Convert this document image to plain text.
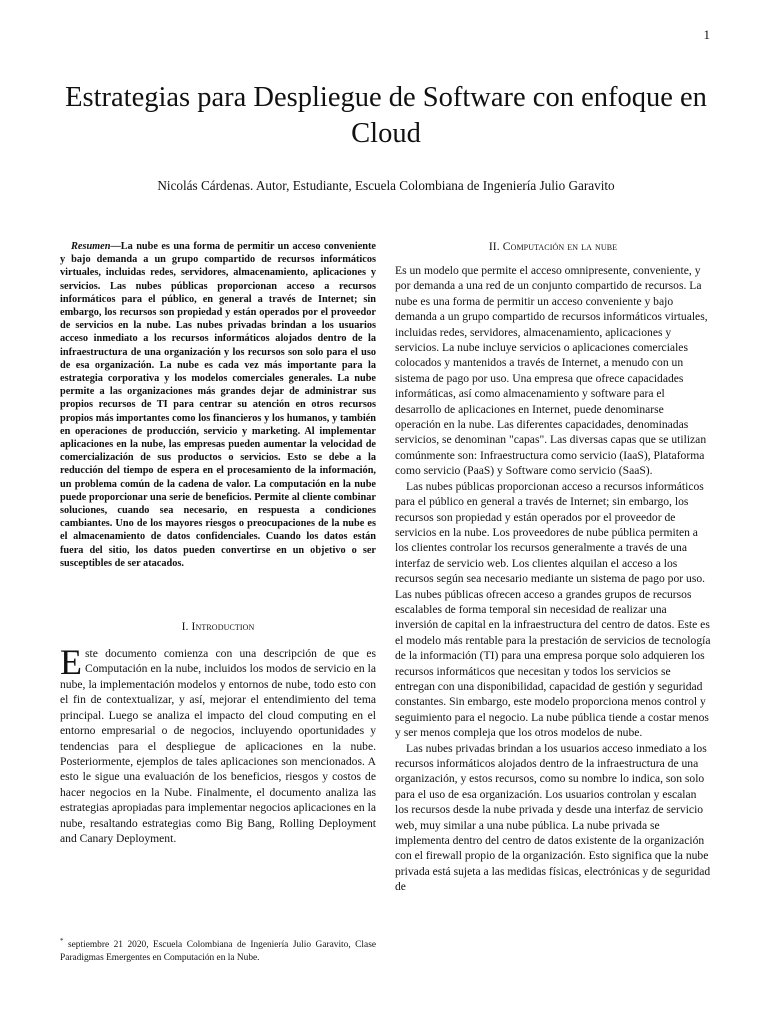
1
Estrategias para Despliegue de Software con enfoque en Cloud
Nicolás Cárdenas. Autor, Estudiante, Escuela Colombiana de Ingeniería Julio Garavito

Resumen—La nube es una forma de permitir un acceso conveniente y bajo demanda a un grupo compartido de recursos informáticos virtuales, incluidas redes, servidores, almacenamiento, aplicaciones y servicios. Las nubes públicas proporcionan acceso a recursos informáticos para el público, en general a través de Internet; sin embargo, los recursos son propiedad y están operados por el proveedor de servicios en la nube. Las nubes privadas brindan a los usuarios acceso inmediato a los recursos informáticos alojados dentro de la infraestructura de una organización y los recursos son solo para el uso de esa organización. La nube es cada vez más importante para la estrategia corporativa y los modelos comerciales generales. La nube permite a las organizaciones más grandes dejar de administrar sus propios recursos de TI para centrar su atención en otros recursos propios más importantes como los financieros y los humanos, y también en operaciones de producción, servicio y marketing. Al implementar aplicaciones en la nube, las empresas pueden aumentar la velocidad de comercialización de sus productos o servicios. Esto se debe a la reducción del tiempo de espera en el procesamiento de la información, un problema común de la cadena de valor. La computación en la nube puede proporcionar una serie de beneficios. Permite al cliente combinar soluciones, cuando sea necesario, en respuesta a condiciones cambiantes. Uno de los mayores riesgos o preocupaciones de la nube es el almacenamiento de datos confidenciales. Cuando los datos están fuera del sitio, los datos pueden convertirse en un objetivo o ser susceptibles de ser atacados.

I. Introduction

Este documento comienza con una descripción de que es Computación en la nube, incluidos los modos de servicio en la nube, la implementación modelos y entornos de nube, todo esto con el fin de contextualizar, y así, mejorar el entendimiento del tema principal. Luego se analiza el impacto del cloud computing en el entorno empresarial o de negocios, incluyendo oportunidades y tendencias para el despliegue de aplicaciones en la nube. Posteriormente, ejemplos de tales aplicaciones son mencionados. A esto le sigue una evaluación de los beneficios, riesgos y costos de hacer negocios en la Nube. Finalmente, el documento analiza las estrategias apropiadas para implementar negocios aplicaciones en la nube, resaltando estrategias como Big Bang, Rolling Deployment and Canary Deployment.

* septiembre 21 2020, Escuela Colombiana de Ingeniería Julio Garavito, Clase Paradigmas Emergentes en Computación en la Nube.
II. Computación en la nube

Es un modelo que permite el acceso omnipresente, conveniente, y por demanda a una red de un conjunto compartido de recursos. La nube es una forma de permitir un acceso conveniente y bajo demanda a un grupo compartido de recursos informáticos virtuales, incluidas redes, servidores, almacenamiento, aplicaciones y servicios. La nube incluye servicios o aplicaciones comerciales colocados y mantenidos a través de Internet, a menudo con un sistema de pago por uso. Una empresa que ofrece capacidades informáticas, así como almacenamiento y software para el desarrollo de aplicaciones en Internet, puede denominarse operación en la nube. Las diferentes capacidades, denominadas servicios, se denominan "capas". Las diversas capas que se utilizan comúnmente son: Infraestructura como servicio (IaaS), Plataforma como servicio (PaaS) y Software como servicio (SaaS).

Las nubes públicas proporcionan acceso a recursos informáticos para el público en general a través de Internet; sin embargo, los recursos son propiedad y están operados por el proveedor de servicios en la nube. Los proveedores de nube pública permiten a los clientes controlar los recursos generalmente a través de una interfaz de servicio web. Los clientes alquilan el acceso a los recursos según sea necesario mediante un sistema de pago por uso. Las nubes públicas ofrecen acceso a grandes grupos de recursos escalables de forma temporal sin necesidad de realizar una inversión de capital en la infraestructura del centro de datos. Este es el modelo más rentable para la prestación de servicios de tecnología de la información (TI) para una empresa porque solo adquieren los recursos informáticos que necesitan y todos los servicios se entregan con una disponibilidad, capacidad de gestión y seguridad constantes. Sin embargo, este modelo proporciona menos control y seguimiento para el negocio. La nube pública tiende a costar menos y ser menos compleja que los otros modelos de nube.

Las nubes privadas brindan a los usuarios acceso inmediato a los recursos informáticos alojados dentro de la infraestructura de una organización, y estos recursos, como su nombre lo indica, son solo para el uso de esa organización. Los usuarios controlan y escalan los recursos desde la nube privada y desde una interfaz de servicio web, muy similar a una nube pública. La nube privada se implementa dentro del centro de datos existente de la organización con el firewall propio de la organización. Esto significa que la nube privada está sujeta a las medidas físicas, electrónicas y de seguridad de
